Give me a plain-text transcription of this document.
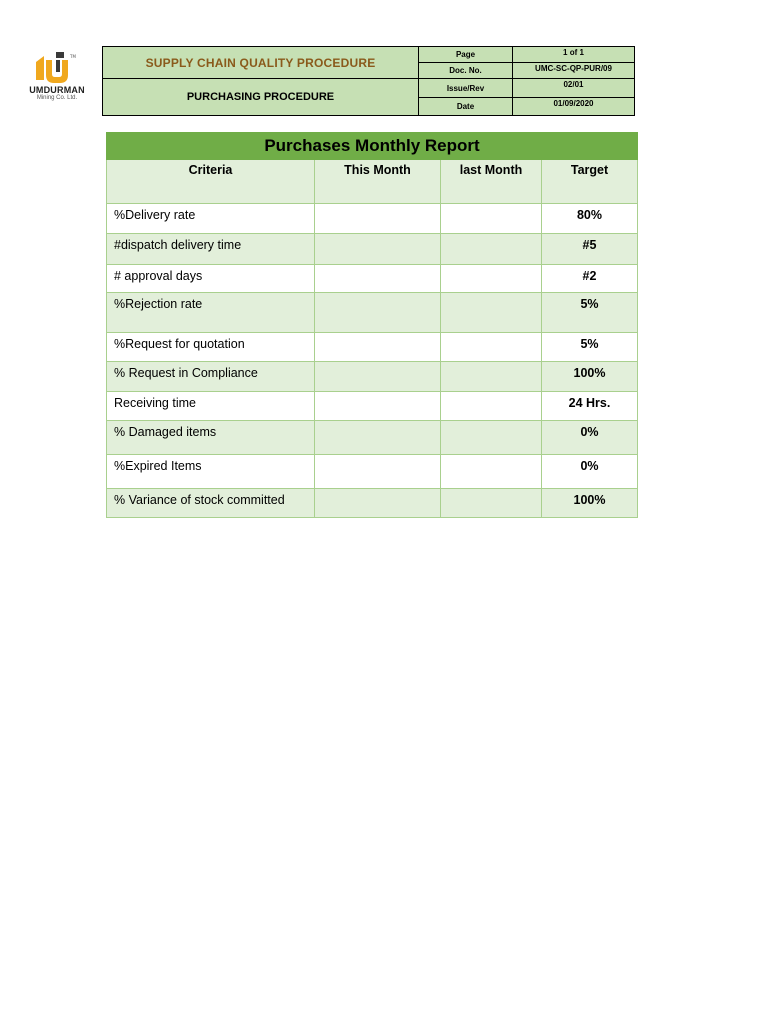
TM
UMDURMAN
Mining Co. Ltd.
SUPPLY CHAIN QUALITY PROCEDURE	Page	1 of 1
	Doc. No.	UMC-SC-QP-PUR/09
PURCHASING PROCEDURE	Issue/Rev	02/01
	Date	01/09/2020
Purchases Monthly Report			
Criteria	This Month	last Month	Target
%Delivery rate			80%
#dispatch delivery time			#5
# approval days			#2
%Rejection rate			5%
%Request for quotation			5%
% Request in Compliance			100%
Receiving time			24 Hrs.
% Damaged items			0%
%Expired Items			0%
% Variance of stock committed			100%
